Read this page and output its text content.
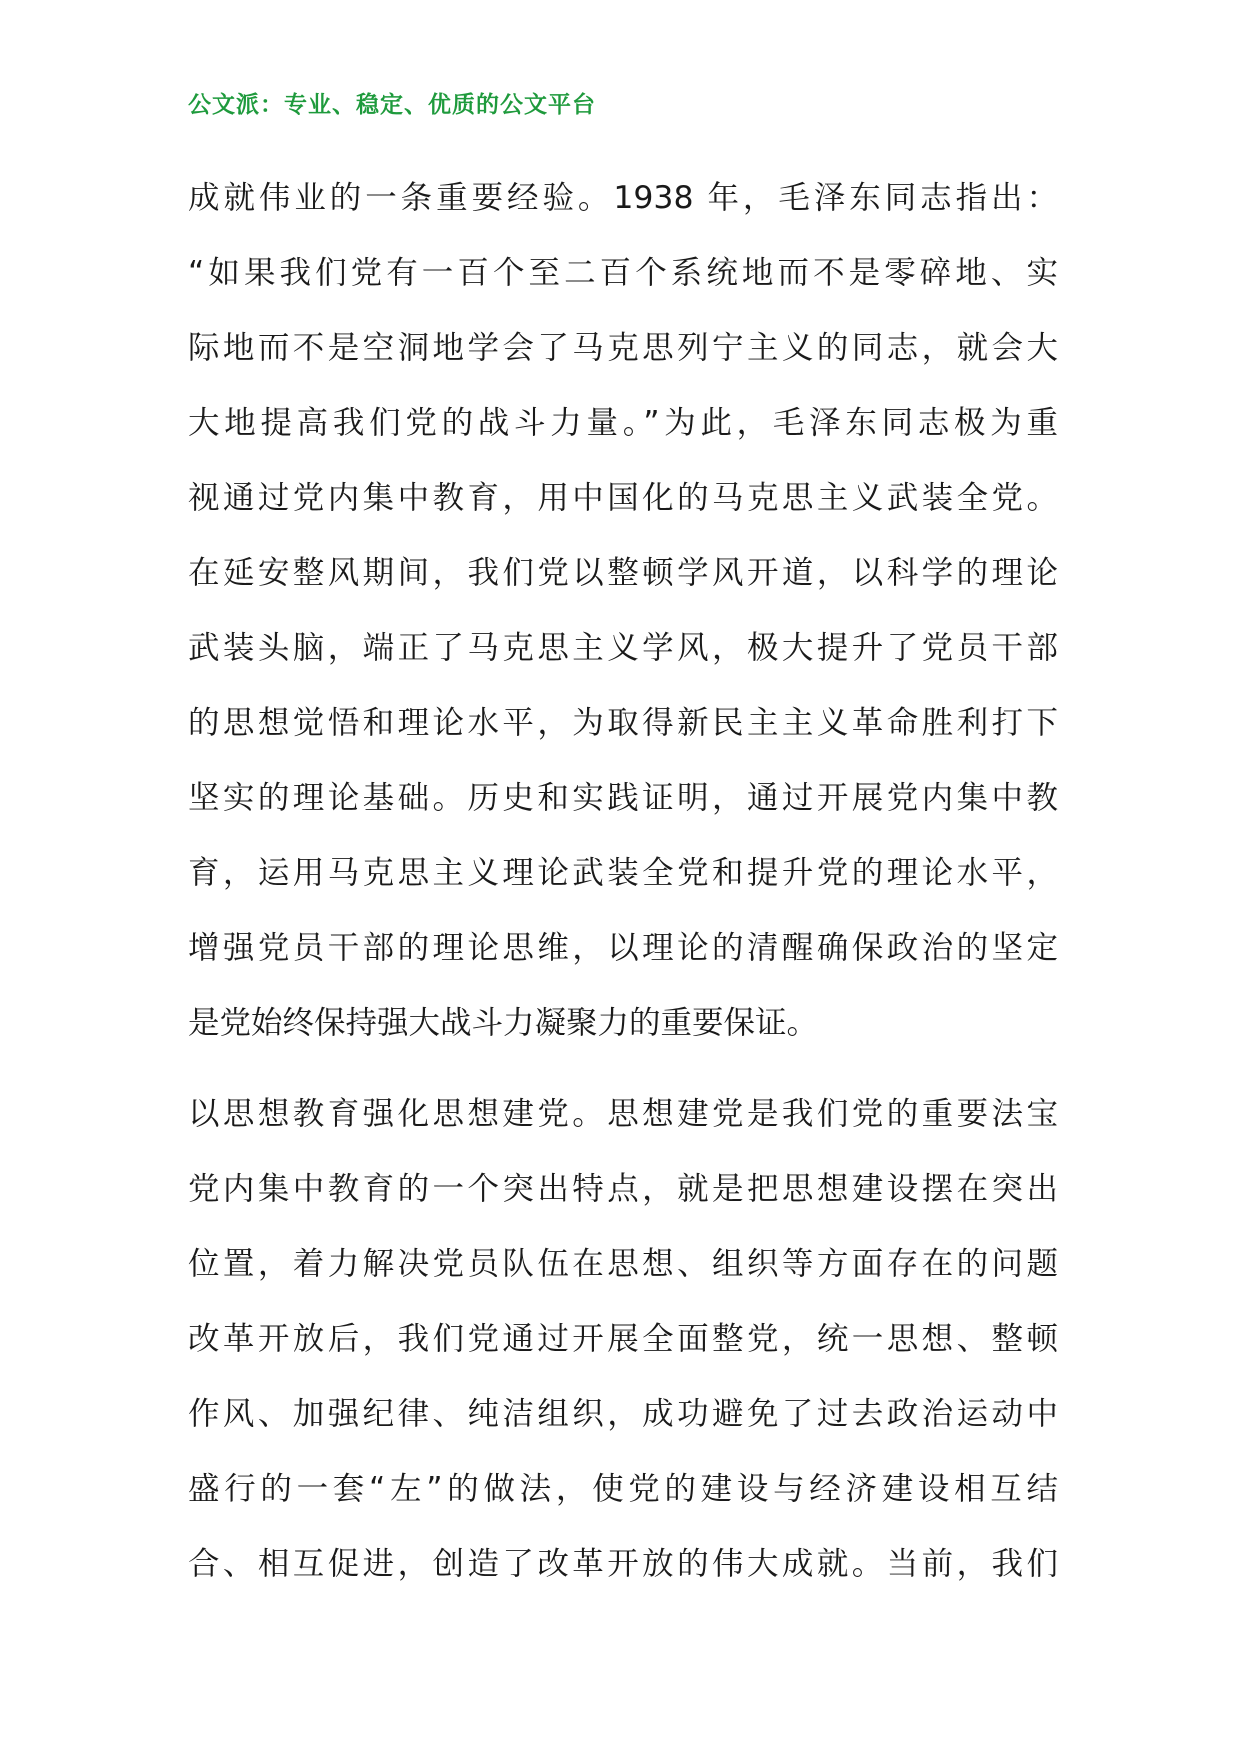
公文派：专业、稳定、优质的公文平台
成就伟业的一条重要经验。1938 年，毛泽东同志指出：
“如果我们党有一百个至二百个系统地而不是零碎地、实
际地而不是空洞地学会了马克思列宁主义的同志，就会大
大地提高我们党的战斗力量。”为此，毛泽东同志极为重
视通过党内集中教育，用中国化的马克思主义武装全党。
在延安整风期间，我们党以整顿学风开道，以科学的理论
武装头脑，端正了马克思主义学风，极大提升了党员干部
的思想觉悟和理论水平，为取得新民主主义革命胜利打下
坚实的理论基础。历史和实践证明，通过开展党内集中教
育，运用马克思主义理论武装全党和提升党的理论水平，
增强党员干部的理论思维，以理论的清醒确保政治的坚定
是党始终保持强大战斗力凝聚力的重要保证。
以思想教育强化思想建党。思想建党是我们党的重要法宝
党内集中教育的一个突出特点，就是把思想建设摆在突出
位置，着力解决党员队伍在思想、组织等方面存在的问题
改革开放后，我们党通过开展全面整党，统一思想、整顿
作风、加强纪律、纯洁组织，成功避免了过去政治运动中
盛行的一套“左”的做法，使党的建设与经济建设相互结
合、相互促进，创造了改革开放的伟大成就。当前，我们
